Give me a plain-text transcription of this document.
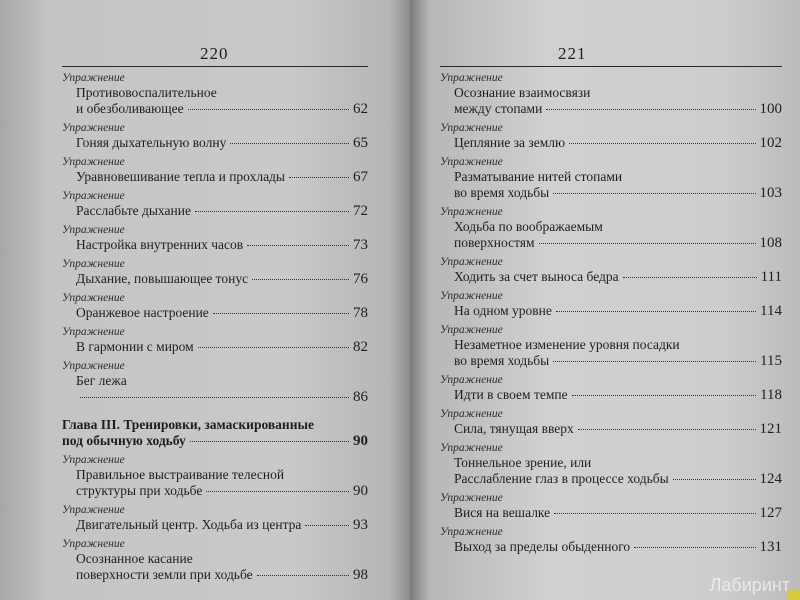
220
Упражнение
Противовоспалительное
и обезболивающее	62
Упражнение
Гоняя дыхательную волну	65
Упражнение
Уравновешивание тепла и прохлады	67
Упражнение
Расслабьте дыхание	72
Упражнение
Настройка внутренних часов	73
Упражнение
Дыхание, повышающее тонус	76
Упражнение
Оранжевое настроение	78
Упражнение
В гармонии с миром	82
Упражнение
Бег лежа
86
Глава III. Тренировки, замаскированные
под обычную ходьбу	90
Упражнение
Правильное выстраивание телесной
структуры при ходьбе	90
Упражнение
Двигательный центр. Ходьба из центра	93
Упражнение
Осознанное касание
поверхности земли при ходьбе	98
221
Упражнение
Осознание взаимосвязи
между стопами	100
Упражнение
Цепляние за землю	102
Упражнение
Разматывание нитей стопами
во время ходьбы	103
Упражнение
Ходьба по воображаемым
поверхностям	108
Упражнение
Ходить за счет выноса бедра	111
Упражнение
На одном уровне	114
Упражнение
Незаметное изменение уровня посадки
во время ходьбы	115
Упражнение
Идти в своем темпе	118
Упражнение
Сила, тянущая вверх	121
Упражнение
Тоннельное зрение, или
Расслабление глаз в процессе ходьбы	124
Упражнение
Вися на вешалке	127
Упражнение
Выход за пределы обыденного	131
Лабиринт
